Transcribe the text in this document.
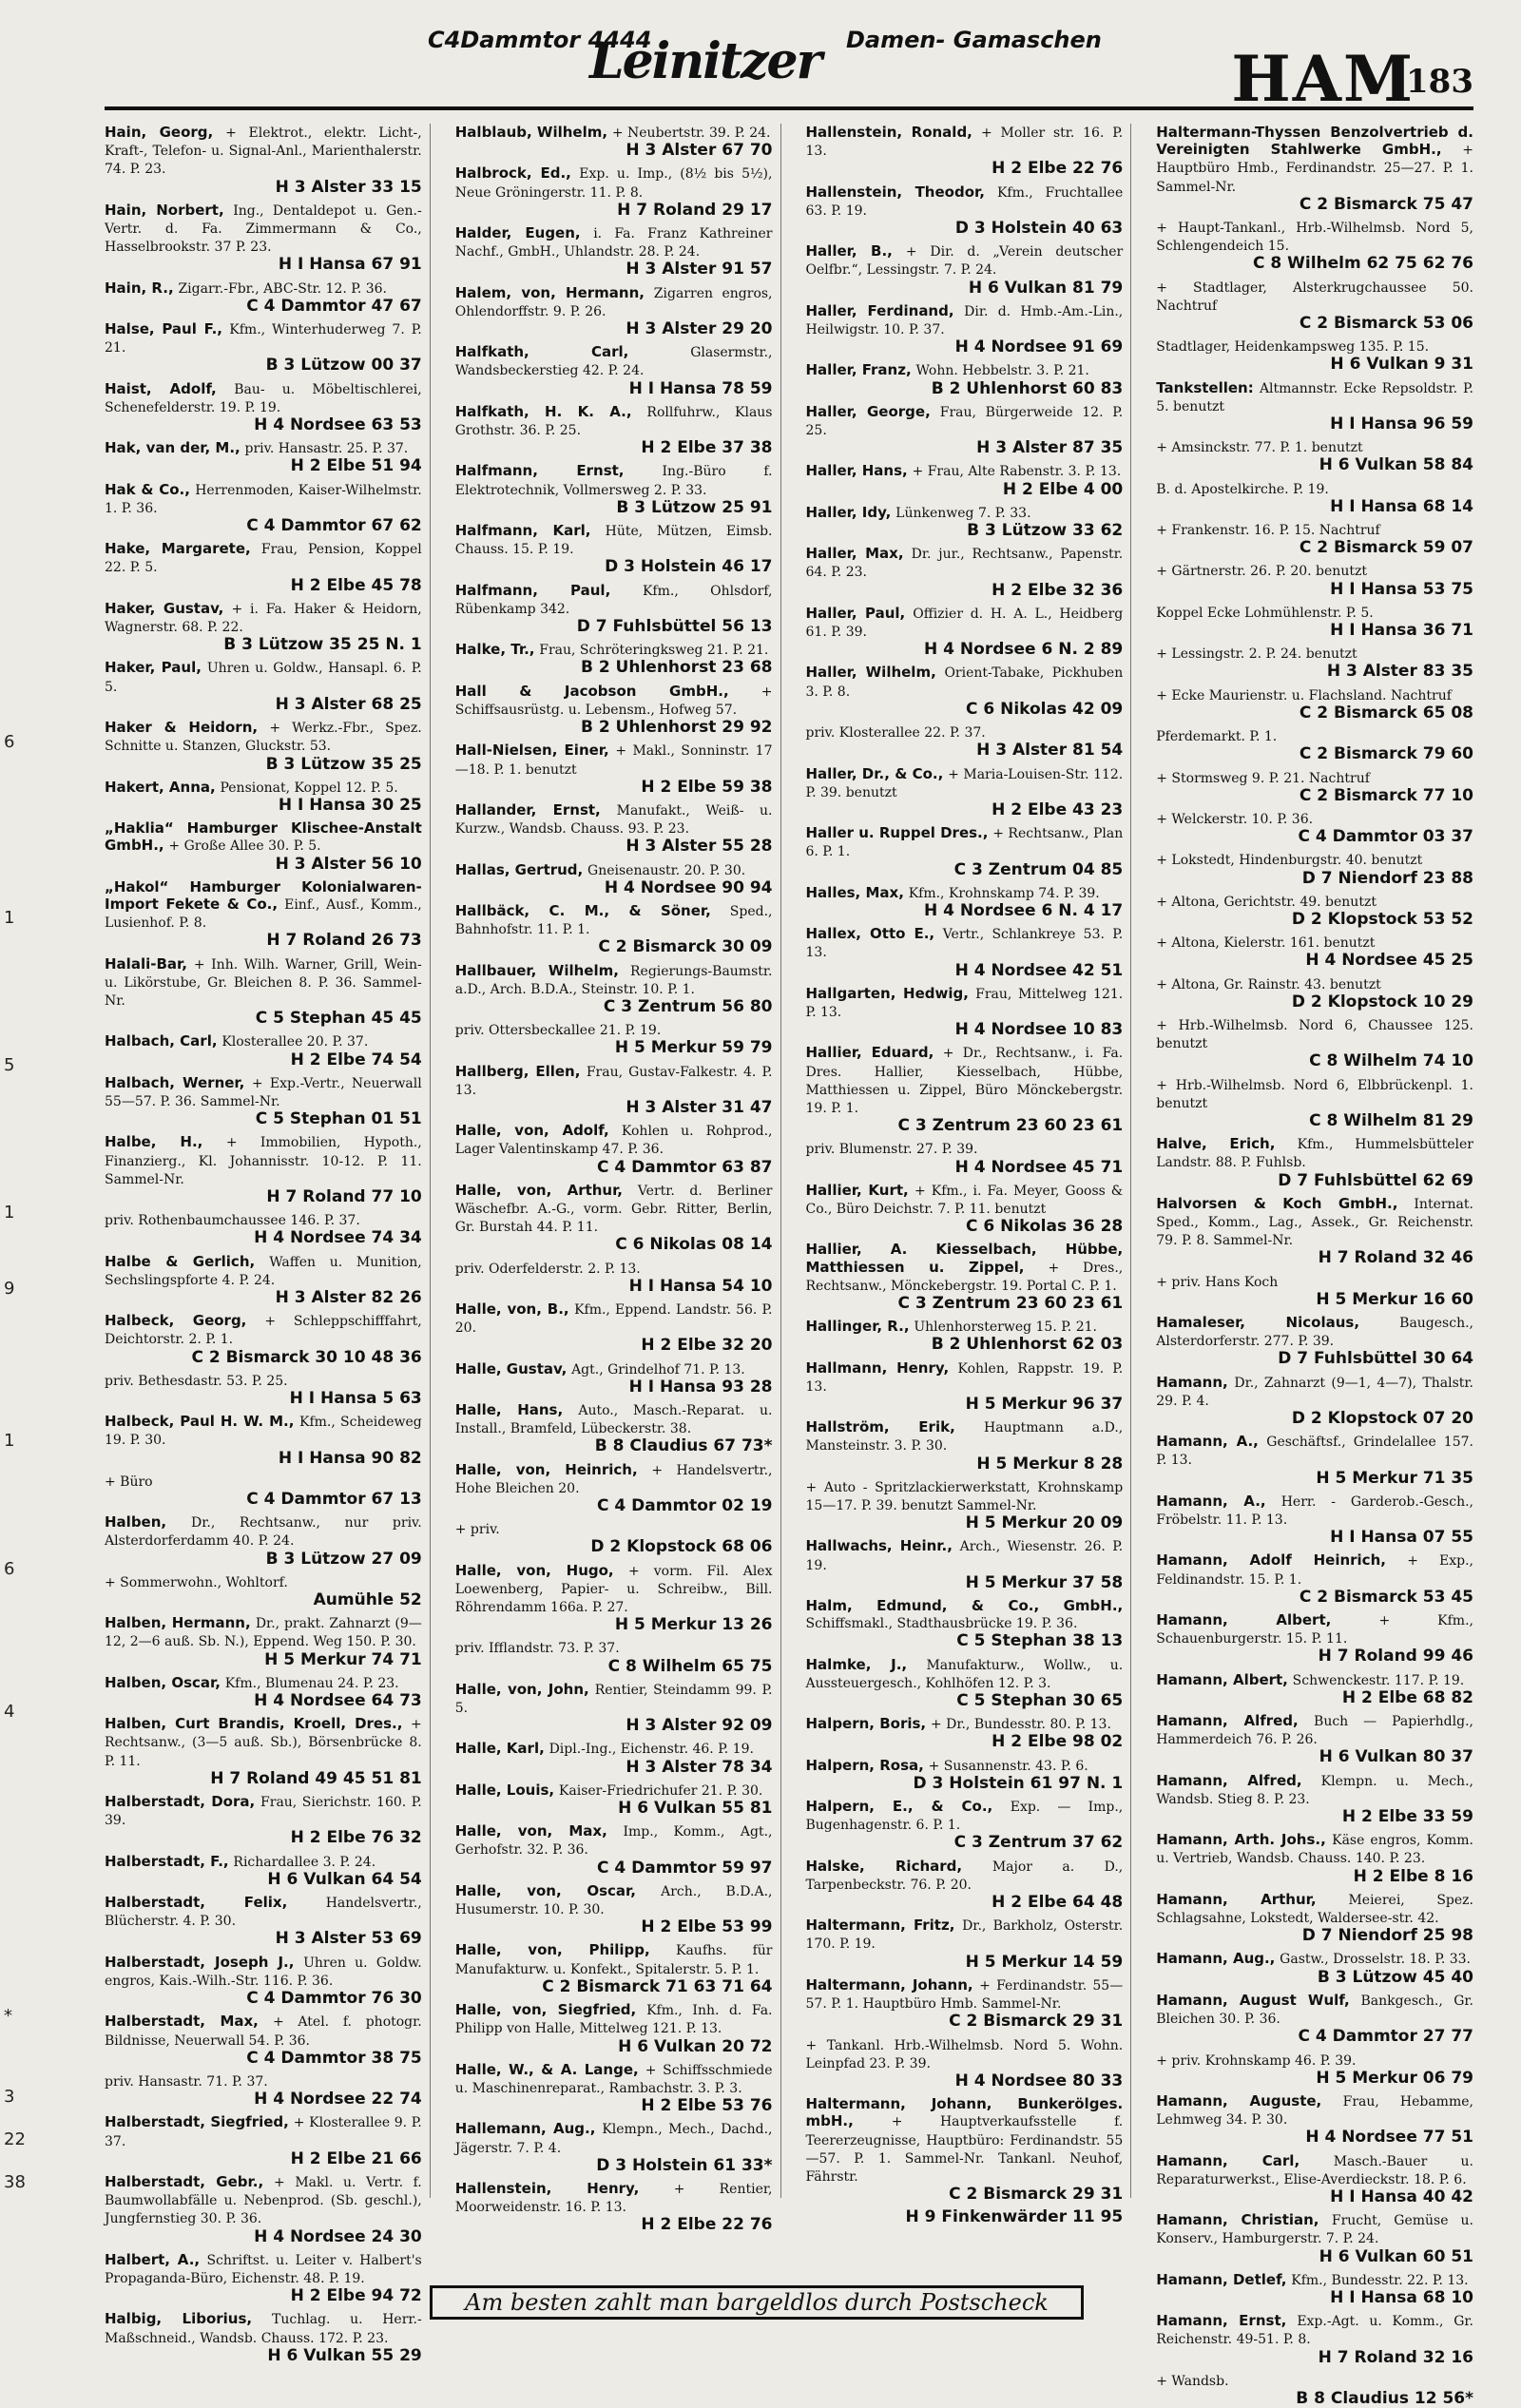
6
1
5
1
9
1
6
4
*
3
22
38
C4Dammtor 4444
Leinitzer Damen- Gamaschen
HAM
183
Hain, Georg, + Elektrot., elektr. Licht-, Kraft-, Telefon- u. Signal-Anl., Marienthalerstr. 74. P. 23.
H 3 Alster 33 15
Hain, Norbert, Ing., Dentaldepot u. Gen.-Vertr. d. Fa. Zimmermann & Co., Hasselbrookstr. 37 P. 23.
H I Hansa 67 91
Hain, R., Zigarr.-Fbr., ABC-Str. 12. P. 36.
C 4 Dammtor 47 67
Halse, Paul F., Kfm., Winterhuderweg 7. P. 21.
B 3 Lützow 00 37
Haist, Adolf, Bau- u. Möbeltischlerei, Schenefelderstr. 19. P. 19.
H 4 Nordsee 63 53
Hak, van der, M., priv. Hansastr. 25. P. 37.
H 2 Elbe 51 94
Hak & Co., Herrenmoden, Kaiser-Wilhelmstr. 1. P. 36.
C 4 Dammtor 67 62
Hake, Margarete, Frau, Pension, Koppel 22. P. 5.
H 2 Elbe 45 78
Haker, Gustav, + i. Fa. Haker & Heidorn, Wagnerstr. 68. P. 22.
B 3 Lützow 35 25 N. 1
Haker, Paul, Uhren u. Goldw., Hansapl. 6. P. 5.
H 3 Alster 68 25
Haker & Heidorn, + Werkz.-Fbr., Spez. Schnitte u. Stanzen, Gluckstr. 53.
B 3 Lützow 35 25
Hakert, Anna, Pensionat, Koppel 12. P. 5.
H I Hansa 30 25
„Haklia“ Hamburger Klischee-Anstalt GmbH., + Große Allee 30. P. 5.
H 3 Alster 56 10
„Hakol“ Hamburger Kolonialwaren-Import Fekete & Co., Einf., Ausf., Komm., Lusienhof. P. 8.
H 7 Roland 26 73
Halali-Bar, + Inh. Wilh. Warner, Grill, Wein- u. Likörstube, Gr. Bleichen 8. P. 36. Sammel-Nr.
C 5 Stephan 45 45
Halbach, Carl, Klosterallee 20. P. 37.
H 2 Elbe 74 54
Halbach, Werner, + Exp.-Vertr., Neuerwall 55—57. P. 36. Sammel-Nr.
C 5 Stephan 01 51
Halbe, H., + Immobilien, Hypoth., Finanzierg., Kl. Johannisstr. 10-12. P. 11. Sammel-Nr.
H 7 Roland 77 10
priv. Rothenbaumchaussee 146. P. 37.
H 4 Nordsee 74 34
Halbe & Gerlich, Waffen u. Munition, Sechslingspforte 4. P. 24.
H 3 Alster 82 26
Halbeck, Georg, + Schleppschifffahrt, Deichtorstr. 2. P. 1.
C 2 Bismarck 30 10 48 36
priv. Bethesdastr. 53. P. 25.
H I Hansa 5 63
Halbeck, Paul H. W. M., Kfm., Scheideweg 19. P. 30.
H I Hansa 90 82
+ Büro
C 4 Dammtor 67 13
Halben, Dr., Rechtsanw., nur priv. Alsterdorferdamm 40. P. 24.
B 3 Lützow 27 09
+ Sommerwohn., Wohltorf.
Aumühle 52
Halben, Hermann, Dr., prakt. Zahnarzt (9—12, 2—6 auß. Sb. N.), Eppend. Weg 150. P. 30.
H 5 Merkur 74 71
Halben, Oscar, Kfm., Blumenau 24. P. 23.
H 4 Nordsee 64 73
Halben, Curt Brandis, Kroell, Dres., + Rechtsanw., (3—5 auß. Sb.), Börsenbrücke 8. P. 11.
H 7 Roland 49 45 51 81
Halberstadt, Dora, Frau, Sierichstr. 160. P. 39.
H 2 Elbe 76 32
Halberstadt, F., Richardallee 3. P. 24.
H 6 Vulkan 64 54
Halberstadt, Felix,	Handelsvertr., Blücherstr. 4. P. 30.
H 3 Alster 53 69
Halberstadt, Joseph J., Uhren u. Goldw. engros, Kais.-Wilh.-Str. 116. P. 36.
C 4 Dammtor 76 30
Halberstadt, Max, + Atel. f. photogr. Bildnisse, Neuerwall 54. P. 36.
C 4 Dammtor 38 75
priv. Hansastr. 71. P. 37.
H 4 Nordsee 22 74
Halberstadt, Siegfried, + Klosterallee 9. P. 37.
H 2 Elbe 21 66
Halberstadt, Gebr., + Makl. u. Vertr. f. Baumwollabfälle u. Nebenprod. (Sb. geschl.), Jungfernstieg 30. P. 36.
H 4 Nordsee 24 30
Halbert, A., Schriftst. u. Leiter v. Halbert's Propaganda-Büro, Eichenstr. 48. P. 19.
H 2 Elbe 94 72
Halbig, Liborius, Tuchlag. u. Herr.-Maßschneid., Wandsb. Chauss. 172. P. 23.
H 6 Vulkan 55 29
Halblaub, Wilhelm, + Neubertstr. 39. P. 24.
H 3 Alster 67 70
Halbrock, Ed., Exp. u. Imp., (8½ bis 5½), Neue Gröningerstr. 11. P. 8.
H 7 Roland 29 17
Halder, Eugen, i. Fa. Franz Kathreiner Nachf., GmbH., Uhlandstr. 28. P. 24.
H 3 Alster 91 57
Halem, von, Hermann, Zigarren engros, Ohlendorffstr. 9. P. 26.
H 3 Alster 29 20
Halfkath, Carl,	Glasermstr., Wandsbeckerstieg 42. P. 24.
H I Hansa 78 59
Halfkath, H. K. A., Rollfuhrw., Klaus Grothstr. 36. P. 25.
H 2 Elbe 37 38
Halfmann, Ernst,	Ing.-Büro f. Elektrotechnik, Vollmersweg 2. P. 33.
B 3 Lützow 25 91
Halfmann, Karl, Hüte, Mützen, Eimsb. Chauss. 15. P. 19.
D 3 Holstein 46 17
Halfmann, Paul, Kfm., Ohlsdorf, Rübenkamp 342.
D 7 Fuhlsbüttel 56 13
Halke, Tr., Frau, Schröteringksweg 21. P. 21.
B 2 Uhlenhorst 23 68
Hall & Jacobson GmbH., + Schiffsausrüstg. u. Lebensm., Hofweg 57.
B 2 Uhlenhorst 29 92
Hall-Nielsen, Einer, + Makl., Sonninstr. 17—18. P. 1. benutzt
H 2 Elbe 59 38
Hallander, Ernst, Manufakt., Weiß- u. Kurzw., Wandsb. Chauss. 93. P. 23.
H 3 Alster 55 28
Hallas, Gertrud, Gneisenaustr. 20. P. 30.
H 4 Nordsee 90 94
Hallbäck, C. M., & Söner, Sped., Bahnhofstr. 11. P. 1.
C 2 Bismarck 30 09
Hallbauer, Wilhelm, Regierungs-Baumstr. a.D., Arch. B.D.A., Steinstr. 10. P. 1.
C 3 Zentrum 56 80
priv. Ottersbeckallee 21. P. 19.
H 5 Merkur 59 79
Hallberg, Ellen, Frau, Gustav-Falkestr. 4. P. 13.
H 3 Alster 31 47
Halle, von, Adolf, Kohlen u. Rohprod., Lager Valentinskamp 47. P. 36.
C 4 Dammtor 63 87
Halle, von, Arthur, Vertr. d. Berliner Wäschefbr. A.-G., vorm. Gebr. Ritter, Berlin, Gr. Burstah 44. P. 11.
C 6 Nikolas 08 14
priv. Oderfelderstr. 2. P. 13.
H I Hansa 54 10
Halle, von, B., Kfm., Eppend. Landstr. 56. P. 20.
H 2 Elbe 32 20
Halle, Gustav, Agt., Grindelhof 71. P. 13.
H I Hansa 93 28
Halle, Hans, Auto., Masch.-Reparat. u. Install., Bramfeld, Lübeckerstr. 38.
B 8 Claudius 67 73*
Halle, von, Heinrich, + Handelsvertr., Hohe Bleichen 20.
C 4 Dammtor 02 19
+ priv.
D 2 Klopstock 68 06
Halle, von, Hugo, + vorm. Fil. Alex Loewenberg, Papier- u. Schreibw., Bill. Röhrendamm 166a. P. 27.
H 5 Merkur 13 26
priv. Ifflandstr. 73. P. 37.
C 8 Wilhelm 65 75
Halle, von, John, Rentier, Steindamm 99. P. 5.
H 3 Alster 92 09
Halle, Karl, Dipl.-Ing., Eichenstr. 46. P. 19.
H 3 Alster 78 34
Halle, Louis, Kaiser-Friedrichufer 21. P. 30.
H 6 Vulkan 55 81
Halle, von, Max, Imp., Komm., Agt., Gerhofstr. 32. P. 36.
C 4 Dammtor 59 97
Halle, von, Oscar, Arch., B.D.A., Husumerstr. 10. P. 30.
H 2 Elbe 53 99
Halle, von, Philipp, Kaufhs. für Manufakturw. u. Konfekt., Spitalerstr. 5. P. 1.
C 2 Bismarck 71 63 71 64
Halle, von, Siegfried, Kfm., Inh. d. Fa. Philipp von Halle, Mittelweg 121. P. 13.
H 6 Vulkan 20 72
Halle, W., & A. Lange, + Schiffsschmiede u. Maschinenreparat., Rambachstr. 3. P. 3.
H 2 Elbe 53 76
Hallemann, Aug., Klempn., Mech., Dachd., Jägerstr. 7. P. 4.
D 3 Holstein 61 33*
Hallenstein, Henry,	+ Rentier, Moorweidenstr. 16. P. 13.
H 2 Elbe 22 76
Hallenstein, Ronald, + Moller str. 16. P. 13.
H 2 Elbe 22 76
Hallenstein, Theodor, Kfm., Fruchtallee 63. P. 19.
D 3 Holstein 40 63
Haller, B., + Dir. d. „Verein deutscher Oelfbr.“, Lessingstr. 7. P. 24.
H 6 Vulkan 81 79
Haller, Ferdinand, Dir. d. Hmb.-Am.-Lin., Heilwigstr. 10. P. 37.
H 4 Nordsee 91 69
Haller, Franz, Wohn. Hebbelstr. 3. P. 21.
B 2 Uhlenhorst 60 83
Haller, George, Frau, Bürgerweide 12. P. 25.
H 3 Alster 87 35
Haller, Hans, + Frau, Alte Rabenstr. 3. P. 13.
H 2 Elbe 4 00
Haller, Idy, Lünkenweg 7. P. 33.
B 3 Lützow 33 62
Haller, Max, Dr. jur., Rechtsanw., Papenstr. 64. P. 23.
H 2 Elbe 32 36
Haller, Paul, Offizier d. H. A. L., Heidberg 61. P. 39.
H 4 Nordsee 6 N. 2 89
Haller, Wilhelm, Orient-Tabake, Pickhuben 3. P. 8.
C 6 Nikolas 42 09
priv. Klosterallee 22. P. 37.
H 3 Alster 81 54
Haller, Dr., & Co., + Maria-Louisen-Str. 112. P. 39. benutzt
H 2 Elbe 43 23
Haller u. Ruppel Dres., + Rechtsanw., Plan 6. P. 1.
C 3 Zentrum 04 85
Halles, Max, Kfm., Krohnskamp 74. P. 39.
H 4 Nordsee 6 N. 4 17
Hallex, Otto E., Vertr., Schlankreye 53. P. 13.
H 4 Nordsee 42 51
Hallgarten, Hedwig, Frau, Mittelweg 121. P. 13.
H 4 Nordsee 10 83
Hallier, Eduard, + Dr., Rechtsanw., i. Fa. Dres. Hallier, Kiesselbach, Hübbe, Matthiessen u. Zippel, Büro Mönckebergstr. 19. P. 1.
C 3 Zentrum 23 60 23 61
priv. Blumenstr. 27. P. 39.
H 4 Nordsee 45 71
Hallier, Kurt, + Kfm., i. Fa. Meyer, Gooss & Co., Büro Deichstr. 7. P. 11. benutzt
C 6 Nikolas 36 28
Hallier, A. Kiesselbach, Hübbe, Matthiessen u. Zippel, + Dres., Rechtsanw., Mönckebergstr. 19. Portal C. P. 1.
C 3 Zentrum 23 60 23 61
Hallinger, R., Uhlenhorsterweg 15. P. 21.
B 2 Uhlenhorst 62 03
Hallmann, Henry, Kohlen, Rappstr. 19. P. 13.
H 5 Merkur 96 37
Hallström, Erik, Hauptmann a.D., Mansteinstr. 3. P. 30.
H 5 Merkur 8 28
+ Auto - Spritzlackierwerkstatt, Krohnskamp 15—17. P. 39. benutzt Sammel-Nr.
H 5 Merkur 20 09
Hallwachs, Heinr., Arch., Wiesenstr. 26. P. 19.
H 5 Merkur 37 58
Halm, Edmund, & Co., GmbH., Schiffsmakl., Stadthausbrücke 19. P. 36.
C 5 Stephan 38 13
Halmke, J., Manufakturw., Wollw., u. Aussteuergesch., Kohlhöfen 12. P. 3.
C 5 Stephan 30 65
Halpern, Boris, + Dr., Bundesstr. 80. P. 13.
H 2 Elbe 98 02
Halpern, Rosa, + Susannenstr. 43. P. 6.
D 3 Holstein 61 97 N. 1
Halpern, E., & Co., Exp. — Imp., Bugenhagenstr. 6. P. 1.
C 3 Zentrum 37 62
Halske, Richard, Major a. D., Tarpenbeckstr. 76. P. 20.
H 2 Elbe 64 48
Haltermann, Fritz, Dr., Barkholz, Osterstr. 170. P. 19.
H 5 Merkur 14 59
Haltermann, Johann, + Ferdinandstr. 55—57. P. 1. Hauptbüro Hmb. Sammel-Nr.
C 2 Bismarck 29 31
+ Tankanl. Hrb.-Wilhelmsb. Nord 5. Wohn. Leinpfad 23. P. 39.
H 4 Nordsee 80 33
Haltermann, Johann, Bunkerölges. mbH.,	+ Hauptverkaufsstelle f. Teererzeugnisse, Hauptbüro: Ferdinandstr. 55—57. P. 1. Sammel-Nr. Tankanl. Neuhof, Fährstr.
C 2 Bismarck 29 31
H 9 Finkenwärder 11 95
Haltermann-Thyssen Benzolvertrieb d. Vereinigten Stahlwerke GmbH., + Hauptbüro Hmb., Ferdinandstr. 25—27. P. 1. Sammel-Nr.
C 2 Bismarck 75 47
+ Haupt-Tankanl., Hrb.-Wilhelmsb. Nord 5, Schlengendeich 15.
C 8 Wilhelm 62 75 62 76
+ Stadtlager, Alsterkrugchaussee 50. Nachtruf
C 2 Bismarck 53 06
Stadtlager, Heidenkampsweg 135. P. 15.
H 6 Vulkan 9 31
Tankstellen: Altmannstr. Ecke Repsoldstr. P. 5. benutzt
H I Hansa 96 59
+ Amsinckstr. 77. P. 1. benutzt
H 6 Vulkan 58 84
B. d. Apostelkirche. P. 19.
H I Hansa 68 14
+ Frankenstr. 16. P. 15. Nachtruf
C 2 Bismarck 59 07
+ Gärtnerstr. 26. P. 20. benutzt
H I Hansa 53 75
Koppel Ecke Lohmühlenstr. P. 5.
H I Hansa 36 71
+ Lessingstr. 2. P. 24. benutzt
H 3 Alster 83 35
+ Ecke Maurienstr. u. Flachsland. Nachtruf
C 2 Bismarck 65 08
Pferdemarkt. P. 1.
C 2 Bismarck 79 60
+ Stormsweg 9. P. 21. Nachtruf
C 2 Bismarck 77 10
+ Welckerstr. 10. P. 36.
C 4 Dammtor 03 37
+ Lokstedt, Hindenburgstr. 40. benutzt
D 7 Niendorf 23 88
+ Altona, Gerichtstr. 49. benutzt
D 2 Klopstock 53 52
+ Altona, Kielerstr. 161. benutzt
H 4 Nordsee 45 25
+ Altona, Gr. Rainstr. 43. benutzt
D 2 Klopstock 10 29
+ Hrb.-Wilhelmsb. Nord 6, Chaussee 125. benutzt
C 8 Wilhelm 74 10
+ Hrb.-Wilhelmsb. Nord 6, Elbbrückenpl. 1. benutzt
C 8 Wilhelm 81 29
Halve, Erich, Kfm., Hummelsbütteler Landstr. 88. P. Fuhlsb.
D 7 Fuhlsbüttel 62 69
Halvorsen & Koch GmbH., Internat. Sped., Komm., Lag., Assek., Gr. Reichenstr. 79. P. 8. Sammel-Nr.
H 7 Roland 32 46
+ priv. Hans Koch
H 5 Merkur 16 60
Hamaleser, Nicolaus,	Baugesch., Alsterdorferstr. 277. P. 39.
D 7 Fuhlsbüttel 30 64
Hamann, Dr., Zahnarzt (9—1, 4—7), Thalstr. 29. P. 4.
D 2 Klopstock 07 20
Hamann, A., Geschäftsf., Grindelallee 157. P. 13.
H 5 Merkur 71 35
Hamann, A., Herr. - Garderob.-Gesch., Fröbelstr. 11. P. 13.
H I Hansa 07 55
Hamann, Adolf Heinrich, + Exp., Feldinandstr. 15. P. 1.
C 2 Bismarck 53 45
Hamann, Albert,	+ Kfm., Schauenburgerstr. 15. P. 11.
H 7 Roland 99 46
Hamann, Albert, Schwenckestr. 117. P. 19.
H 2 Elbe 68 82
Hamann, Alfred, Buch — Papierhdlg., Hammerdeich 76. P. 26.
H 6 Vulkan 80 37
Hamann, Alfred, Klempn. u. Mech., Wandsb. Stieg 8. P. 23.
H 2 Elbe 33 59
Hamann, Arth. Johs., Käse engros, Komm. u. Vertrieb, Wandsb. Chauss. 140. P. 23.
H 2 Elbe 8 16
Hamann, Arthur, Meierei, Spez. Schlagsahne, Lokstedt, Waldersee-str. 42.
D 7 Niendorf 25 98
Hamann, Aug., Gastw., Drosselstr. 18. P. 33.
B 3 Lützow 45 40
Hamann, August Wulf, Bankgesch., Gr. Bleichen 30. P. 36.
C 4 Dammtor 27 77
+ priv. Krohnskamp 46. P. 39.
H 5 Merkur 06 79
Hamann, Auguste, Frau, Hebamme, Lehmweg 34. P. 30.
H 4 Nordsee 77 51
Hamann, Carl,	Masch.-Bauer u. Reparaturwerkst., Elise-Averdieckstr. 18. P. 6.
H I Hansa 40 42
Hamann, Christian, Frucht, Gemüse u. Konserv., Hamburgerstr. 7. P. 24.
H 6 Vulkan 60 51
Hamann, Detlef, Kfm., Bundesstr. 22. P. 13.
H I Hansa 68 10
Hamann, Ernst, Exp.-Agt. u. Komm., Gr. Reichenstr. 49-51. P. 8.
H 7 Roland 32 16
+ Wandsb.
B 8 Claudius 12 56*
Am besten zahlt man bargeldlos durch Postscheck
